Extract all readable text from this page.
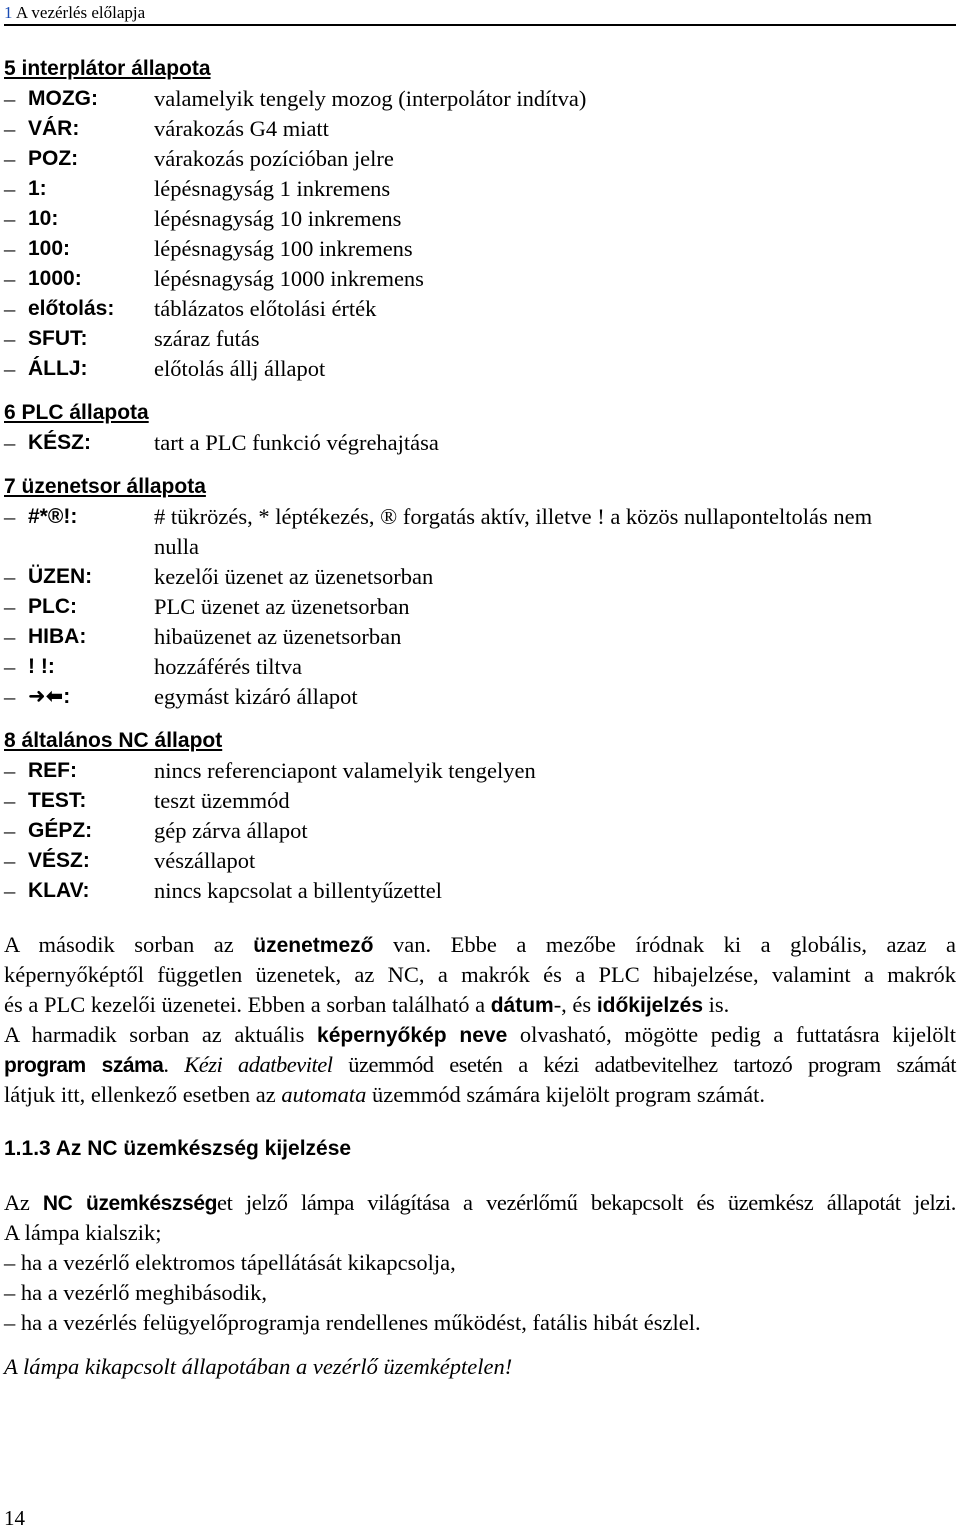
1 A vezérlés előlapja
5 interplátor állapota
– MOZG: valamelyik tengely mozog (interpolátor indítva)
– VÁR:	várakozás G4 miatt
– POZ:	várakozás pozícióban jelre
– 1:	lépésnagyság 1 inkremens
– 10:	lépésnagyság 10 inkremens
– 100:	lépésnagyság 100 inkremens
– 1000:	lépésnagyság 1000 inkremens
– előtolás: táblázatos előtolási érték
– SFUT:	száraz futás
– ÁLLJ:	előtolás állj állapot
6 PLC állapota
– KÉSZ:	tart a PLC funkció végrehajtása
7 üzenetsor állapota
– #*®!:	# tükrözés, * léptékezés, ® forgatás aktív, illetve ! a közös nullaponteltolás nem
nulla
– ÜZEN:	kezelői üzenet az üzenetsorban
– PLC:	PLC üzenet az üzenetsorban
– HIBA:	hibaüzenet az üzenetsorban
– ! !:	hozzáférés tiltva
– ➜⬅:	egymást kizáró állapot
8 általános NC állapot
– REF:	nincs referenciapont valamelyik tengelyen
– TEST:	teszt üzemmód
– GÉPZ:	gép zárva állapot
– VÉSZ:	vészállapot
– KLAV:	nincs kapcsolat a billentyűzettel
A második sorban az üzenetmező van. Ebbe a mezőbe íródnak ki a globális, azaz a
képernyőképtől független üzenetek, az NC, a makrók és a PLC hibajelzése, valamint a makrók
és a PLC kezelői üzenetei. Ebben a sorban található a dátum-, és időkijelzés is.
A harmadik sorban az aktuális képernyőkép neve olvasható, mögötte pedig a futtatásra kijelölt
program száma. Kézi adatbevitel üzemmód esetén a kézi adatbevitelhez tartozó program számát
látjuk itt, ellenkező esetben az automata üzemmód számára kijelölt program számát.
1.1.3 Az NC üzemkészség kijelzése
Az NC üzemkészséget jelző lámpa világítása a vezérlőmű bekapcsolt és üzemkész állapotát jelzi.
A lámpa kialszik;
– ha a vezérlő elektromos tápellátását kikapcsolja,
– ha a vezérlő meghibásodik,
– ha a vezérlés felügyelőprogramja rendellenes működést, fatális hibát észlel.
A lámpa kikapcsolt állapotában a vezérlő üzemképtelen!
14
